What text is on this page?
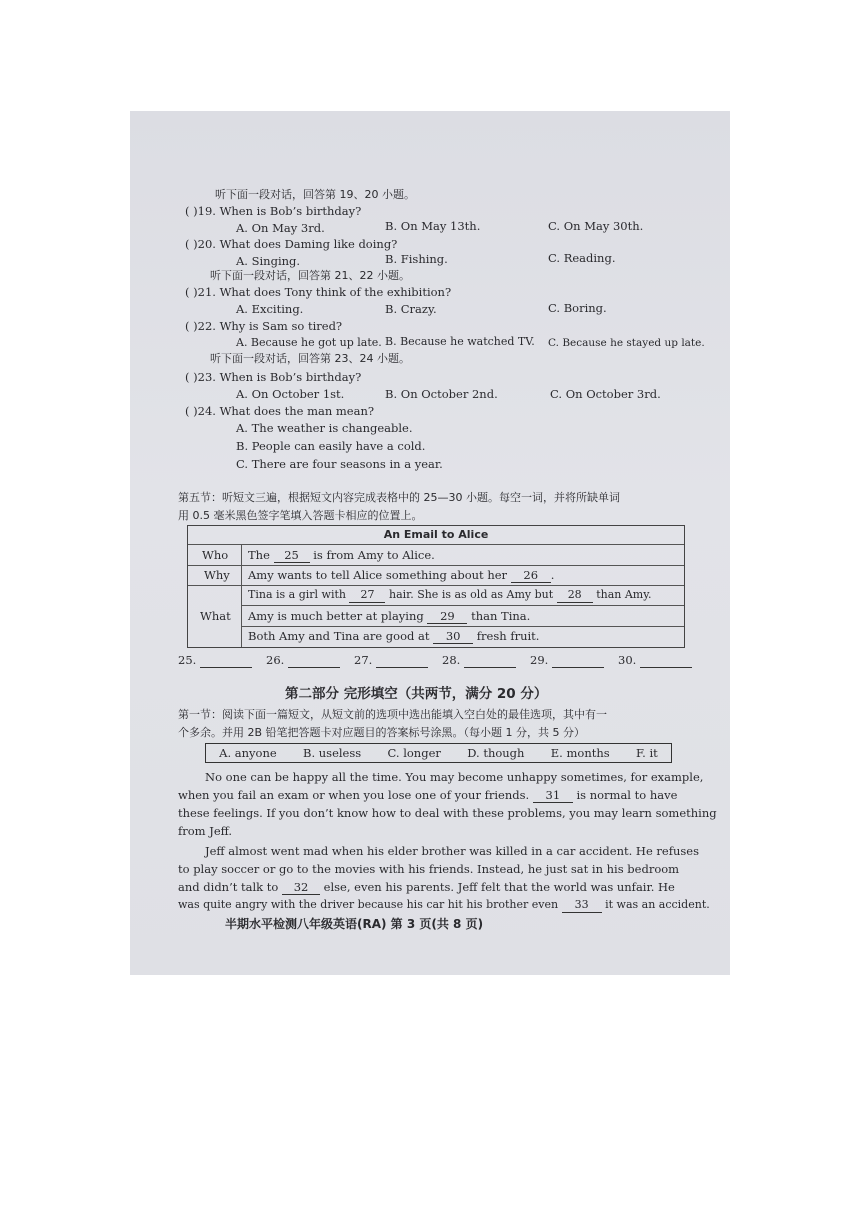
听下面一段对话，回答第 19、20 小题。
( )19. When is Bob’s birthday?
A. On May 3rd.	B. On May 13th.	C. On May 30th.
( )20. What does Daming like doing?
A. Singing.	B. Fishing.	C. Reading.
听下面一段对话，回答第 21、22 小题。
( )21. What does Tony think of the exhibition?
A. Exciting.	B. Crazy.	C. Boring.
( )22. Why is Sam so tired?
A. Because he got up late. B. Because he watched TV. C. Because he stayed up late.
听下面一段对话，回答第 23、24 小题。
( )23. When is Bob’s birthday?
A. On October 1st.	B. On October 2nd.	C. On October 3rd.
( )24. What does the man mean?
A. The weather is changeable.
B. People can easily have a cold.
C. There are four seasons in a year.
第五节：听短文三遍，根据短文内容完成表格中的 25—30 小题。每空一词，并将所缺单词
用 0.5 毫米黑色签字笔填入答题卡相应的位置上。
An Email to Alice
Who The 25 is from Amy to Alice.
Why Amy wants to tell Alice something about her 26 .
What
Tina is a girl with 27 hair. She is as old as Amy but 28 than Amy.
Amy is much better at playing 29 than Tina.
Both Amy and Tina are good at 30 fresh fruit.
25.	26.	27.	28.	29.	30.
第二部分 完形填空（共两节，满分 20 分）
第一节：阅读下面一篇短文，从短文前的选项中选出能填入空白处的最佳选项，其中有一
个多余。并用 2B 铅笔把答题卡对应题目的答案标号涂黑。（每小题 1 分，共 5 分）
A. anyone B. useless C. longer D. though E. months F. it
No one can be happy all the time. You may become unhappy sometimes, for example,
when you fail an exam or when you lose one of your friends. 31 is normal to have
these feelings. If you don’t know how to deal with these problems, you may learn something
from Jeff.
Jeff almost went mad when his elder brother was killed in a car accident. He refuses
to play soccer or go to the movies with his friends. Instead, he just sat in his bedroom
and didn’t talk to 32 else, even his parents. Jeff felt that the world was unfair. He
was quite angry with the driver because his car hit his brother even 33 it was an accident.
半期水平检测八年级英语(RA) 第 3 页(共 8 页)
